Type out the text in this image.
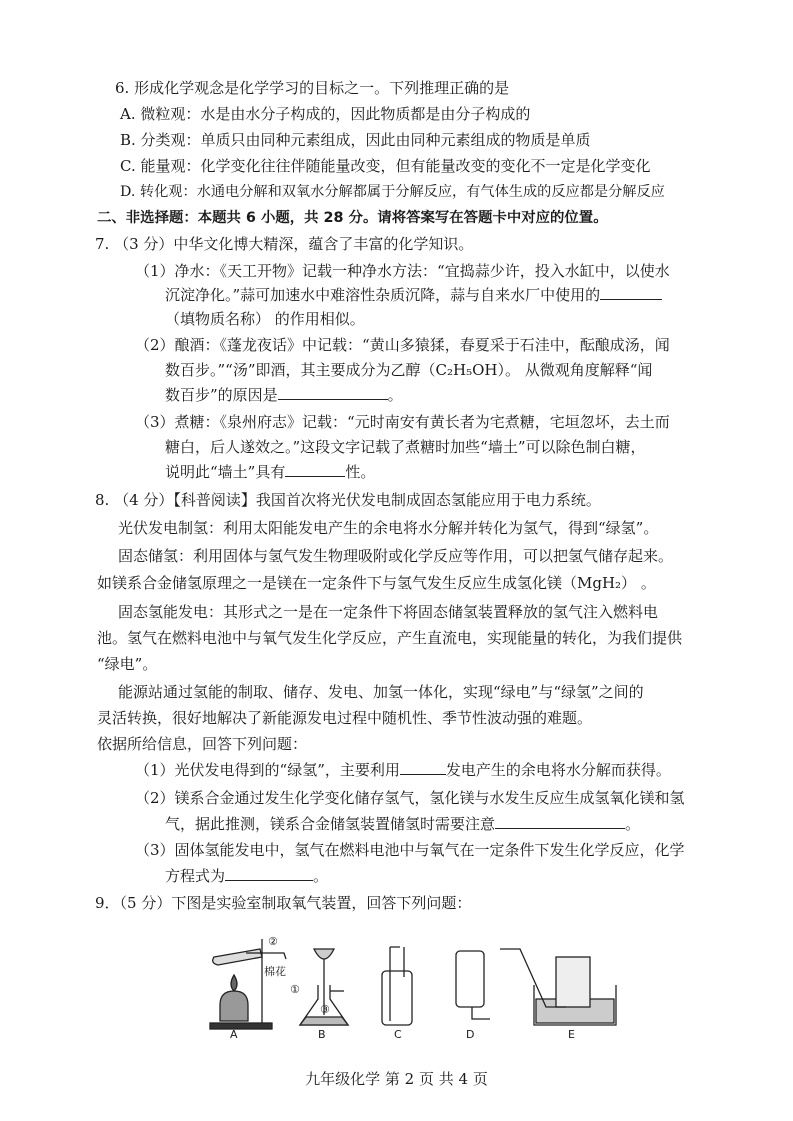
6. 形成化学观念是化学学习的目标之一。下列推理正确的是
A. 微粒观：水是由水分子构成的，因此物质都是由分子构成的
B. 分类观：单质只由同种元素组成，因此由同种元素组成的物质是单质
C. 能量观：化学变化往往伴随能量改变，但有能量改变的变化不一定是化学变化
D. 转化观：水通电分解和双氧水分解都属于分解反应，有气体生成的反应都是分解反应
二、非选择题：本题共 6 小题，共 28 分。请将答案写在答题卡中对应的位置。
7. （3 分）中华文化博大精深，蕴含了丰富的化学知识。
（1）净水：《天工开物》记载一种净水方法：“宜捣蒜少许，投入水缸中，以使水
沉淀净化。”蒜可加速水中难溶性杂质沉降，蒜与自来水厂中使用的
（填物质名称） 的作用相似。
（2）酿酒：《蓬龙夜话》中记载：“黄山多猿猱，春夏采于石洼中，酝酿成汤，闻
数百步。”“汤”即酒，其主要成分为乙醇（C₂H₅OH）。 从微观角度解释“闻
数百步”的原因是	。
（3）煮糖：《泉州府志》记载：“元时南安有黄长者为宅煮糖，宅垣忽坏，去土而
糖白，后人遂效之。”这段文字记载了煮糖时加些“墙土”可以除色制白糖，
说明此“墙土”具有	性。
8. （4 分）【科普阅读】我国首次将光伏发电制成固态氢能应用于电力系统。
光伏发电制氢：利用太阳能发电产生的余电将水分解并转化为氢气，得到“绿氢”。
固态储氢：利用固体与氢气发生物理吸附或化学反应等作用，可以把氢气储存起来。
如镁系合金储氢原理之一是镁在一定条件下与氢气发生反应生成氢化镁（MgH₂） 。
固态氢能发电：其形式之一是在一定条件下将固态储氢装置释放的氢气注入燃料电
池。氢气在燃料电池中与氧气发生化学反应，产生直流电，实现能量的转化，为我们提供
“绿电”。
能源站通过氢能的制取、储存、发电、加氢一体化，实现“绿电”与“绿氢”之间的
灵活转换，很好地解决了新能源发电过程中随机性、季节性波动强的难题。
依据所给信息，回答下列问题：
（1）光伏发电得到的“绿氢”，主要利用	发电产生的余电将水分解而获得。
（2）镁系合金通过发生化学变化储存氢气，氢化镁与水发生反应生成氢氧化镁和氢
气，据此推测，镁系合金储氢装置储氢时需要注意	。
（3）固体氢能发电中，氢气在燃料电池中与氧气在一定条件下发生化学反应，化学
方程式为	。
9．（5 分）下图是实验室制取氧气装置，回答下列问题：
A
②
棉花
B
①
③
C	D	E
九年级化学 第 2 页 共 4 页
